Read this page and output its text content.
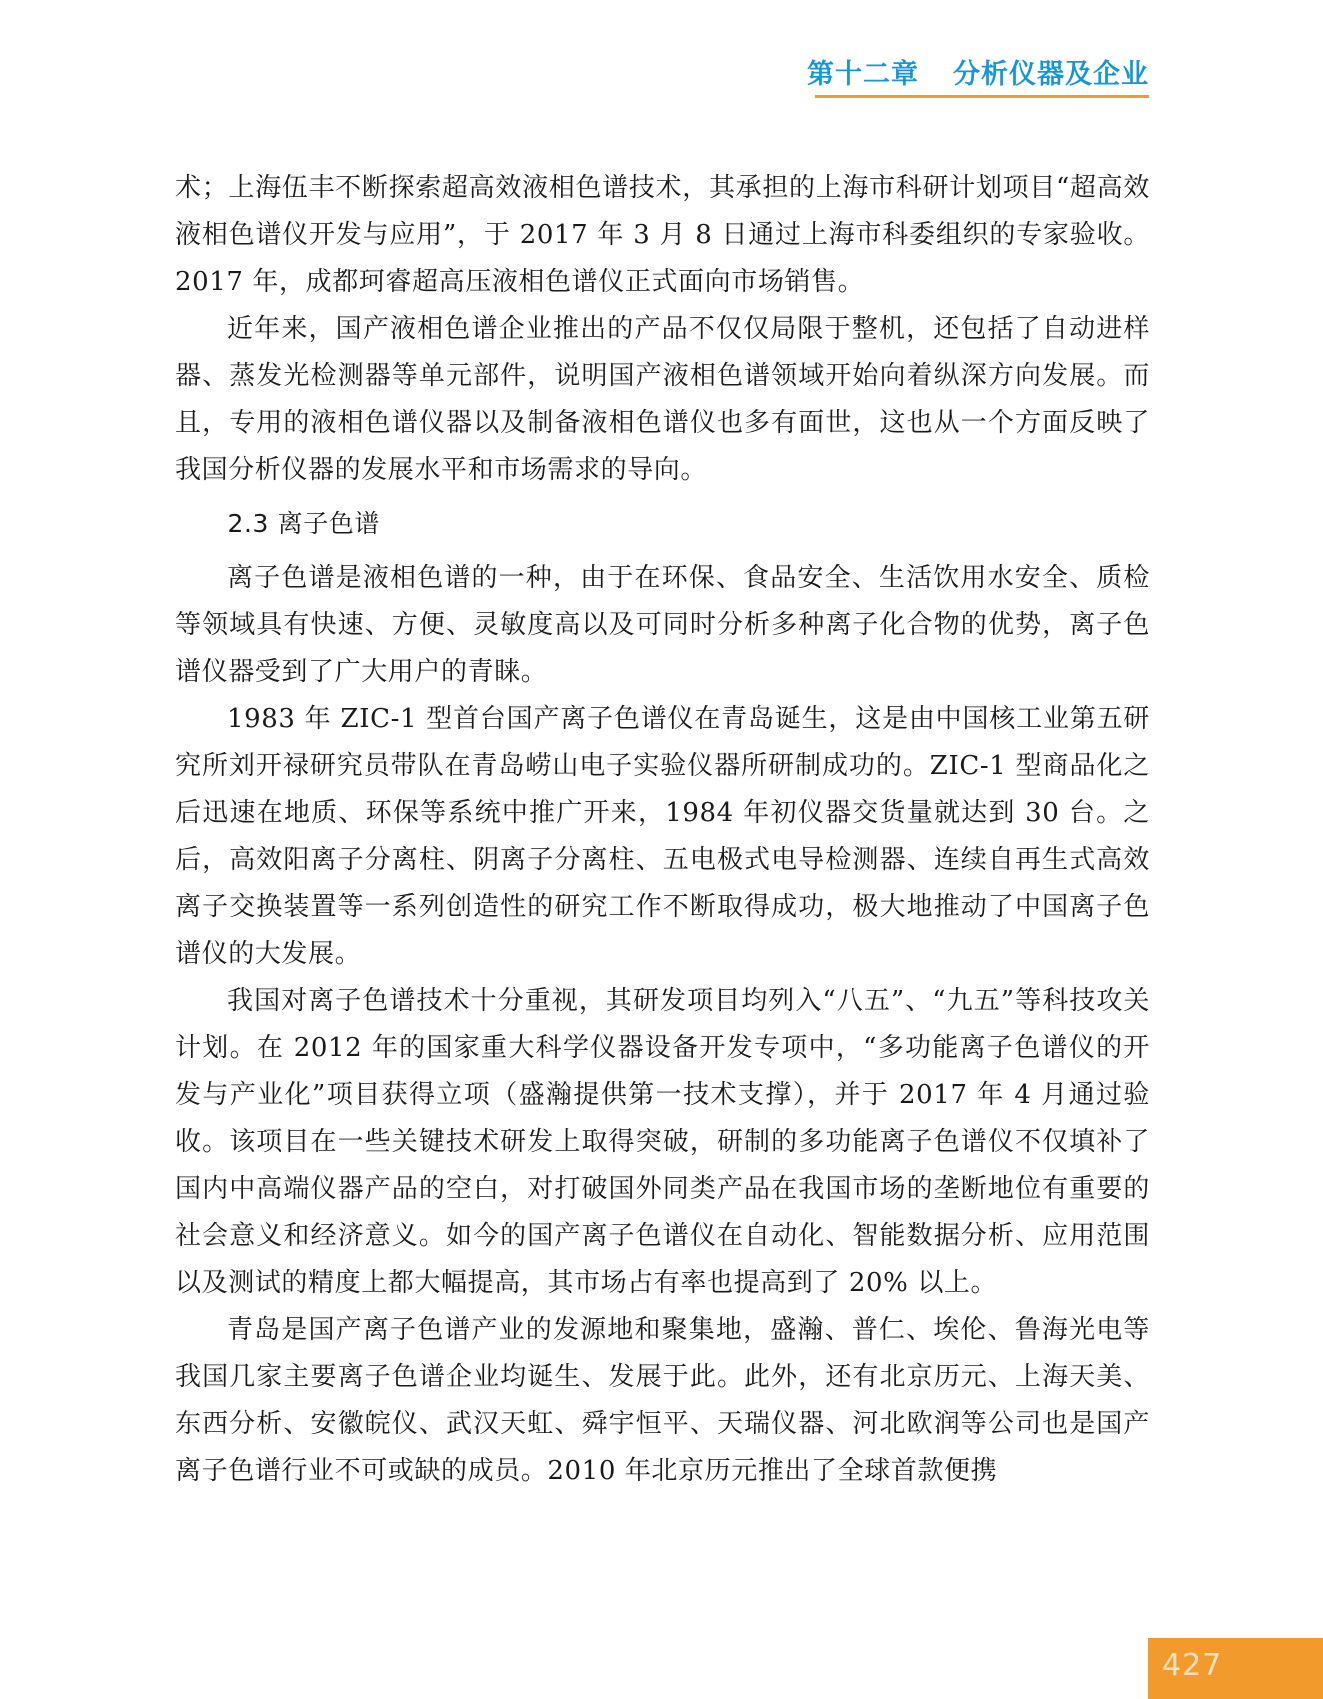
第十二章 分析仪器及企业

术；上海伍丰不断探索超高效液相色谱技术，其承担的上海市科研计划项目“超高效液相色谱仪开发与应用”，于 2017 年 3 月 8 日通过上海市科委组织的专家验收。2017 年，成都珂睿超高压液相色谱仪正式面向市场销售。

近年来，国产液相色谱企业推出的产品不仅仅局限于整机，还包括了自动进样器、蒸发光检测器等单元部件，说明国产液相色谱领域开始向着纵深方向发展。而且，专用的液相色谱仪器以及制备液相色谱仪也多有面世，这也从一个方面反映了我国分析仪器的发展水平和市场需求的导向。

2.3 离子色谱

离子色谱是液相色谱的一种，由于在环保、食品安全、生活饮用水安全、质检等领域具有快速、方便、灵敏度高以及可同时分析多种离子化合物的优势，离子色谱仪器受到了广大用户的青睐。

1983 年 ZIC-1 型首台国产离子色谱仪在青岛诞生，这是由中国核工业第五研究所刘开禄研究员带队在青岛崂山电子实验仪器所研制成功的。ZIC-1 型商品化之后迅速在地质、环保等系统中推广开来，1984 年初仪器交货量就达到 30 台。之后，高效阳离子分离柱、阴离子分离柱、五电极式电导检测器、连续自再生式高效离子交换装置等一系列创造性的研究工作不断取得成功，极大地推动了中国离子色谱仪的大发展。

我国对离子色谱技术十分重视，其研发项目均列入“八五”、“九五”等科技攻关计划。在 2012 年的国家重大科学仪器设备开发专项中，“多功能离子色谱仪的开发与产业化”项目获得立项（盛瀚提供第一技术支撑），并于 2017 年 4 月通过验收。该项目在一些关键技术研发上取得突破，研制的多功能离子色谱仪不仅填补了国内中高端仪器产品的空白，对打破国外同类产品在我国市场的垄断地位有重要的社会意义和经济意义。如今的国产离子色谱仪在自动化、智能数据分析、应用范围以及测试的精度上都大幅提高，其市场占有率也提高到了 20% 以上。

青岛是国产离子色谱产业的发源地和聚集地，盛瀚、普仁、埃伦、鲁海光电等我国几家主要离子色谱企业均诞生、发展于此。此外，还有北京历元、上海天美、东西分析、安徽皖仪、武汉天虹、舜宇恒平、天瑞仪器、河北欧润等公司也是国产离子色谱行业不可或缺的成员。2010 年北京历元推出了全球首款便携

427
